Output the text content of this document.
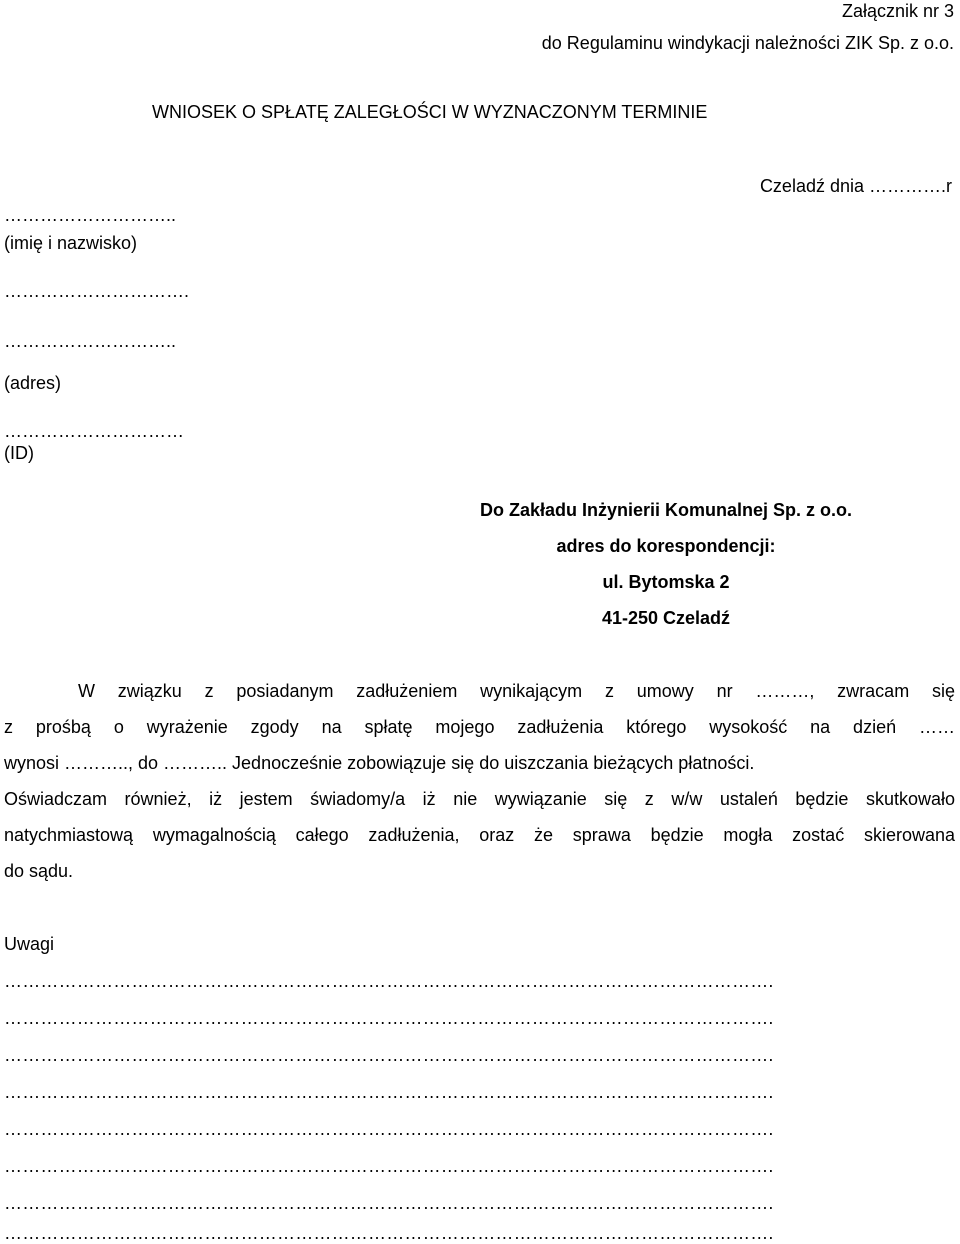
Załącznik nr 3
do Regulaminu windykacji należności ZIK Sp. z o.o.
WNIOSEK O SPŁATĘ ZALEGŁOŚCI W WYZNACZONYM TERMINIE
Czeladź dnia ………….r
………………………..
(imię i nazwisko)
………………………….
………………………..
(adres)
…………………………
(ID)
Do Zakładu Inżynierii Komunalnej Sp. z o.o.
adres do korespondencji:
ul. Bytomska 2
41-250 Czeladź
W związku z posiadanym zadłużeniem wynikającym z umowy nr ………, zwracam się
z prośbą o wyrażenie zgody na spłatę mojego zadłużenia którego wysokość na dzień ……
wynosi ……….., do ……….. Jednocześnie zobowiązuje się do uiszczania bieżących płatności.
Oświadczam również, iż jestem świadomy/a iż nie wywiązanie się z w/w ustaleń będzie skutkowało
natychmiastową wymagalnością całego zadłużenia, oraz że sprawa będzie mogła zostać skierowana
do sądu.
Uwagi
……………………………………………………………………………………………………………….
……………………………………………………………………………………………………………….
……………………………………………………………………………………………………………….
……………………………………………………………………………………………………………….
……………………………………………………………………………………………………………….
……………………………………………………………………………………………………………….
……………………………………………………………………………………………………………….
……………………………………………………………………………………………………………….
